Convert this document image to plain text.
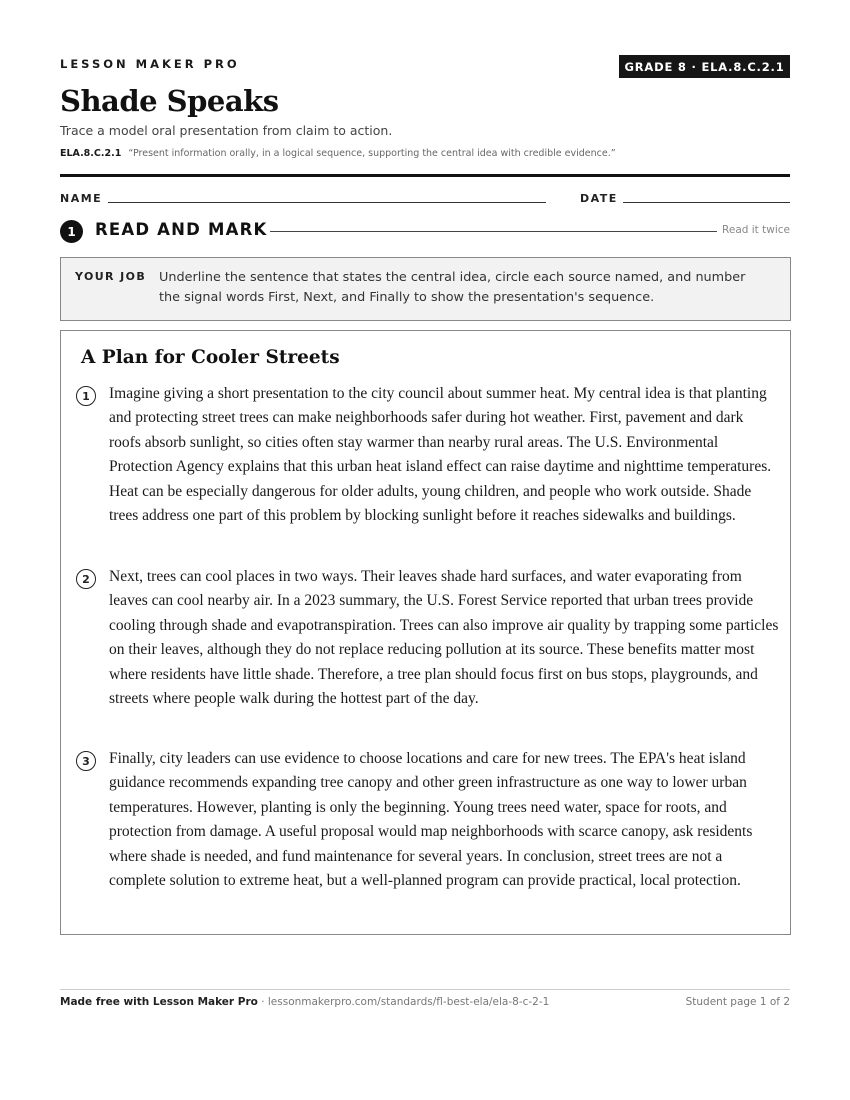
LESSON MAKER PRO	GRADE 8 · ELA.8.C.2.1
Shade Speaks
Trace a model oral presentation from claim to action.
ELA.8.C.2.1 “Present information orally, in a logical sequence, supporting the central idea with credible evidence.”
NAME	DATE
1	READ AND MARK	Read it twice
YOUR JOB Underline the sentence that states the central idea, circle each source named, and number the signal words First, Next, and Finally to show the presentation's sequence.
A Plan for Cooler Streets
1	Imagine giving a short presentation to the city council about summer heat. My central idea is that planting and protecting street trees can make neighborhoods safer during hot weather. First, pavement and dark roofs absorb sunlight, so cities often stay warmer than nearby rural areas. The U.S. Environmental Protection Agency explains that this urban heat island effect can raise daytime and nighttime temperatures. Heat can be especially dangerous for older adults, young children, and people who work outside. Shade trees address one part of this problem by blocking sunlight before it reaches sidewalks and buildings.
2	Next, trees can cool places in two ways. Their leaves shade hard surfaces, and water evaporating from leaves can cool nearby air. In a 2023 summary, the U.S. Forest Service reported that urban trees provide cooling through shade and evapotranspiration. Trees can also improve air quality by trapping some particles on their leaves, although they do not replace reducing pollution at its source. These benefits matter most where residents have little shade. Therefore, a tree plan should focus first on bus stops, playgrounds, and streets where people walk during the hottest part of the day.
3	Finally, city leaders can use evidence to choose locations and care for new trees. The EPA's heat island guidance recommends expanding tree canopy and other green infrastructure as one way to lower urban temperatures. However, planting is only the beginning. Young trees need water, space for roots, and protection from damage. A useful proposal would map neighborhoods with scarce canopy, ask residents where shade is needed, and fund maintenance for several years. In conclusion, street trees are not a complete solution to extreme heat, but a well-planned program can provide practical, local protection.
Made free with Lesson Maker Pro · lessonmakerpro.com/standards/fl-best-ela/ela-8-c-2-1	Student page 1 of 2
